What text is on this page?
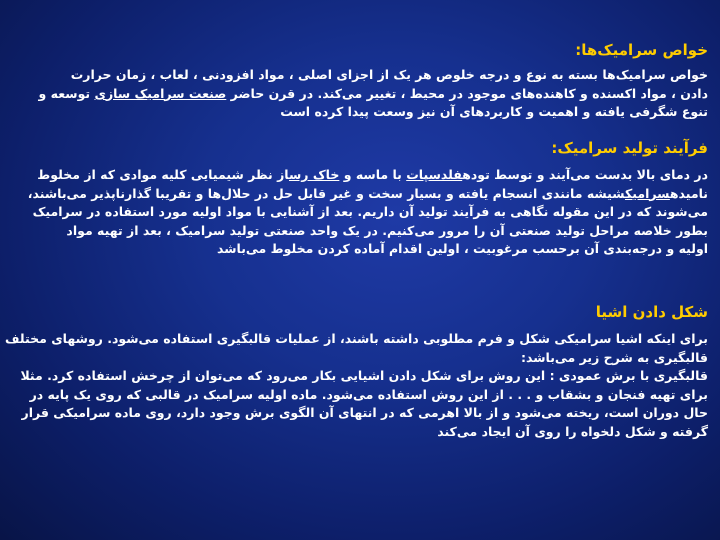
خواص سرامیک‌ها:

خواص سرامیک‌ها بسته به نوع و درجه خلوص هر یک از اجزای اصلی ، مواد افزودنی ، لعاب ، زمان حرارت
دادن ، مواد اکسنده و کاهنده‌های موجود در محیط ، تغییر می‌کند. در قرن حاضر صنعت سرامیک سازی توسعه و
تنوع شگرفی یافته و اهمیت و کاربردهای آن نیز وسعت پیدا کرده است

فرآیند تولید سرامیک:

در دمای بالا بدست می‌آیند و توسط تودهفلدسپات با ماسه و خاک رساز نظر شیمیایی کلیه موادی که از مخلوط
نامیدهسرامیکشیشه مانندی انسجام یافته و بسیار سخت و غیر قابل حل در حلال‌ها و تقریبا گذارناپذیر می‌باشند،
می‌شوند که در این مقوله نگاهی به فرآیند تولید آن داریم. بعد از آشنایی با مواد اولیه مورد استفاده در سرامیک
بطور خلاصه مراحل تولید صنعتی آن را مرور می‌کنیم. در یک واحد صنعتی تولید سرامیک ، بعد از تهیه مواد
اولیه و درجه‌بندی آن برحسب مرغوبیت ، اولین اقدام آماده کردن مخلوط می‌باشد

شکل دادن اشیا

برای اینکه اشیا سرامیکی شکل و فرم مطلوبی داشته باشند، از عملیات قالبگیری استفاده می‌شود. روشهای مختلف
قالبگیری به شرح زیر می‌باشد:
قالبگیری با برش عمودی : این روش برای شکل دادن اشیایی بکار می‌رود که می‌توان از چرخش استفاده کرد. مثلا
برای تهیه فنجان و بشقاب و . . . از این روش استفاده می‌شود. ماده اولیه سرامیک در قالبی که روی یک پایه در
حال دوران است، ریخته می‌شود و از بالا اهرمی که در انتهای آن الگوی برش وجود دارد، روی ماده سرامیکی قرار
گرفته و شکل دلخواه را روی آن ایجاد می‌کند
